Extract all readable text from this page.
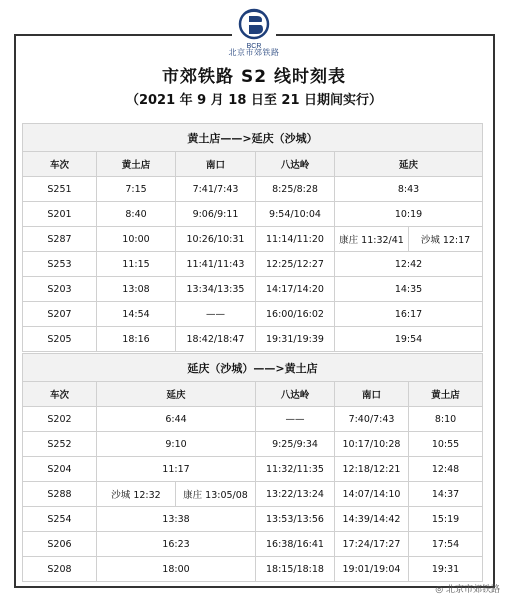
BCR
北京市郊铁路
市郊铁路 S2 线时刻表
（2021 年 9 月 18 日至 21 日期间实行）
黄土店——>延庆（沙城）					
车次	黄土店	南口	八达岭	延庆	
S251	7:15	7:41/7:43	8:25/8:28	8:43	
S201	8:40	9:06/9:11	9:54/10:04	10:19	
S287	10:00	10:26/10:31	11:14/11:20	康庄 11:32/41	沙城 12:17
S253	11:15	11:41/11:43	12:25/12:27	12:42	
S203	13:08	13:34/13:35	14:17/14:20	14:35	
S207	14:54	——	16:00/16:02	16:17	
S205	18:16	18:42/18:47	19:31/19:39	19:54	
延庆（沙城）——>黄土店					
车次	延庆		八达岭	南口	黄土店
S202	6:44		——	7:40/7:43	8:10
S252	9:10		9:25/9:34	10:17/10:28	10:55
S204	11:17		11:32/11:35	12:18/12:21	12:48
S288	沙城 12:32	康庄 13:05/08	13:22/13:24	14:07/14:10	14:37
S254	13:38		13:53/13:56	14:39/14:42	15:19
S206	16:23		16:38/16:41	17:24/17:27	17:54
S208	18:00		18:15/18:18	19:01/19:04	19:31
◎ 北京市郊铁路
